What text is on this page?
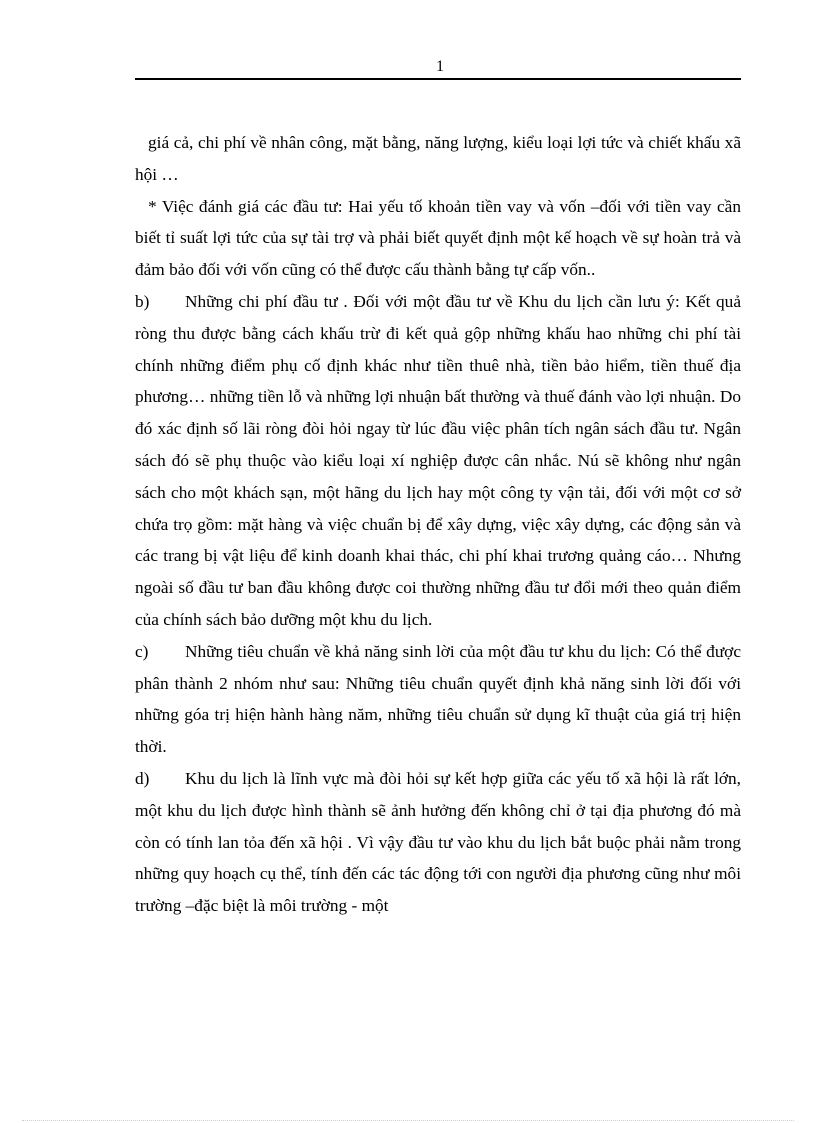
1

giá cả, chi phí về nhân công, mặt bằng, năng lượng, kiểu loại lợi tức và chiết khấu xã hội …

* Việc đánh giá các đầu tư: Hai yếu tố khoản tiền vay và vốn –đối với tiền vay cần biết tỉ suất lợi tức của sự tài trợ và phải biết quyết định một kế hoạch về sự hoàn trả và đảm bảo đối với vốn cũng có thể được cấu thành bằng tự cấp vốn..

b) Những chi phí đầu tư . Đối với một đầu tư về Khu du lịch cần lưu ý: Kết quả ròng thu được bằng cách khấu trừ đi kết quả gộp những khấu hao những chi phí tài chính những điểm phụ cố định khác như tiền thuê nhà, tiền bảo hiểm, tiền thuế địa phương… những tiền lỗ và những lợi nhuận bất thường và thuế đánh vào lợi nhuận. Do đó xác định số lãi ròng đòi hỏi ngay từ lúc đầu việc phân tích ngân sách đầu tư. Ngân sách đó sẽ phụ thuộc vào kiểu loại xí nghiệp được cân nhắc. Nú sẽ không như ngân sách cho một khách sạn, một hãng du lịch hay một công ty vận tải, đối với một cơ sở chứa trọ gồm: mặt hàng và việc chuẩn bị để xây dựng, việc xây dựng, các động sản và các trang bị vật liệu để kinh doanh khai thác, chi phí khai trương quảng cáo… Nhưng ngoài số đầu tư ban đầu không được coi thường những đầu tư đổi mới theo quản điểm của chính sách bảo dưỡng một khu du lịch.

c) Những tiêu chuẩn về khả năng sinh lời của một đầu tư khu du lịch: Có thể được phân thành 2 nhóm như sau: Những tiêu chuẩn quyết định khả năng sinh lời đối với những góa trị hiện hành hàng năm, những tiêu chuẩn sử dụng kĩ thuật của giá trị hiện thời.

d) Khu du lịch là lĩnh vực mà đòi hỏi sự kết hợp giữa các yếu tố xã hội là rất lớn, một khu du lịch được hình thành sẽ ảnh hưởng đến không chỉ ở tại địa phương đó mà còn có tính lan tỏa đến xã hội . Vì vậy đầu tư vào khu du lịch bắt buộc phải nằm trong những quy hoạch cụ thể, tính đến các tác động tới con người địa phương cũng như môi trường –đặc biệt là môi trường - một
